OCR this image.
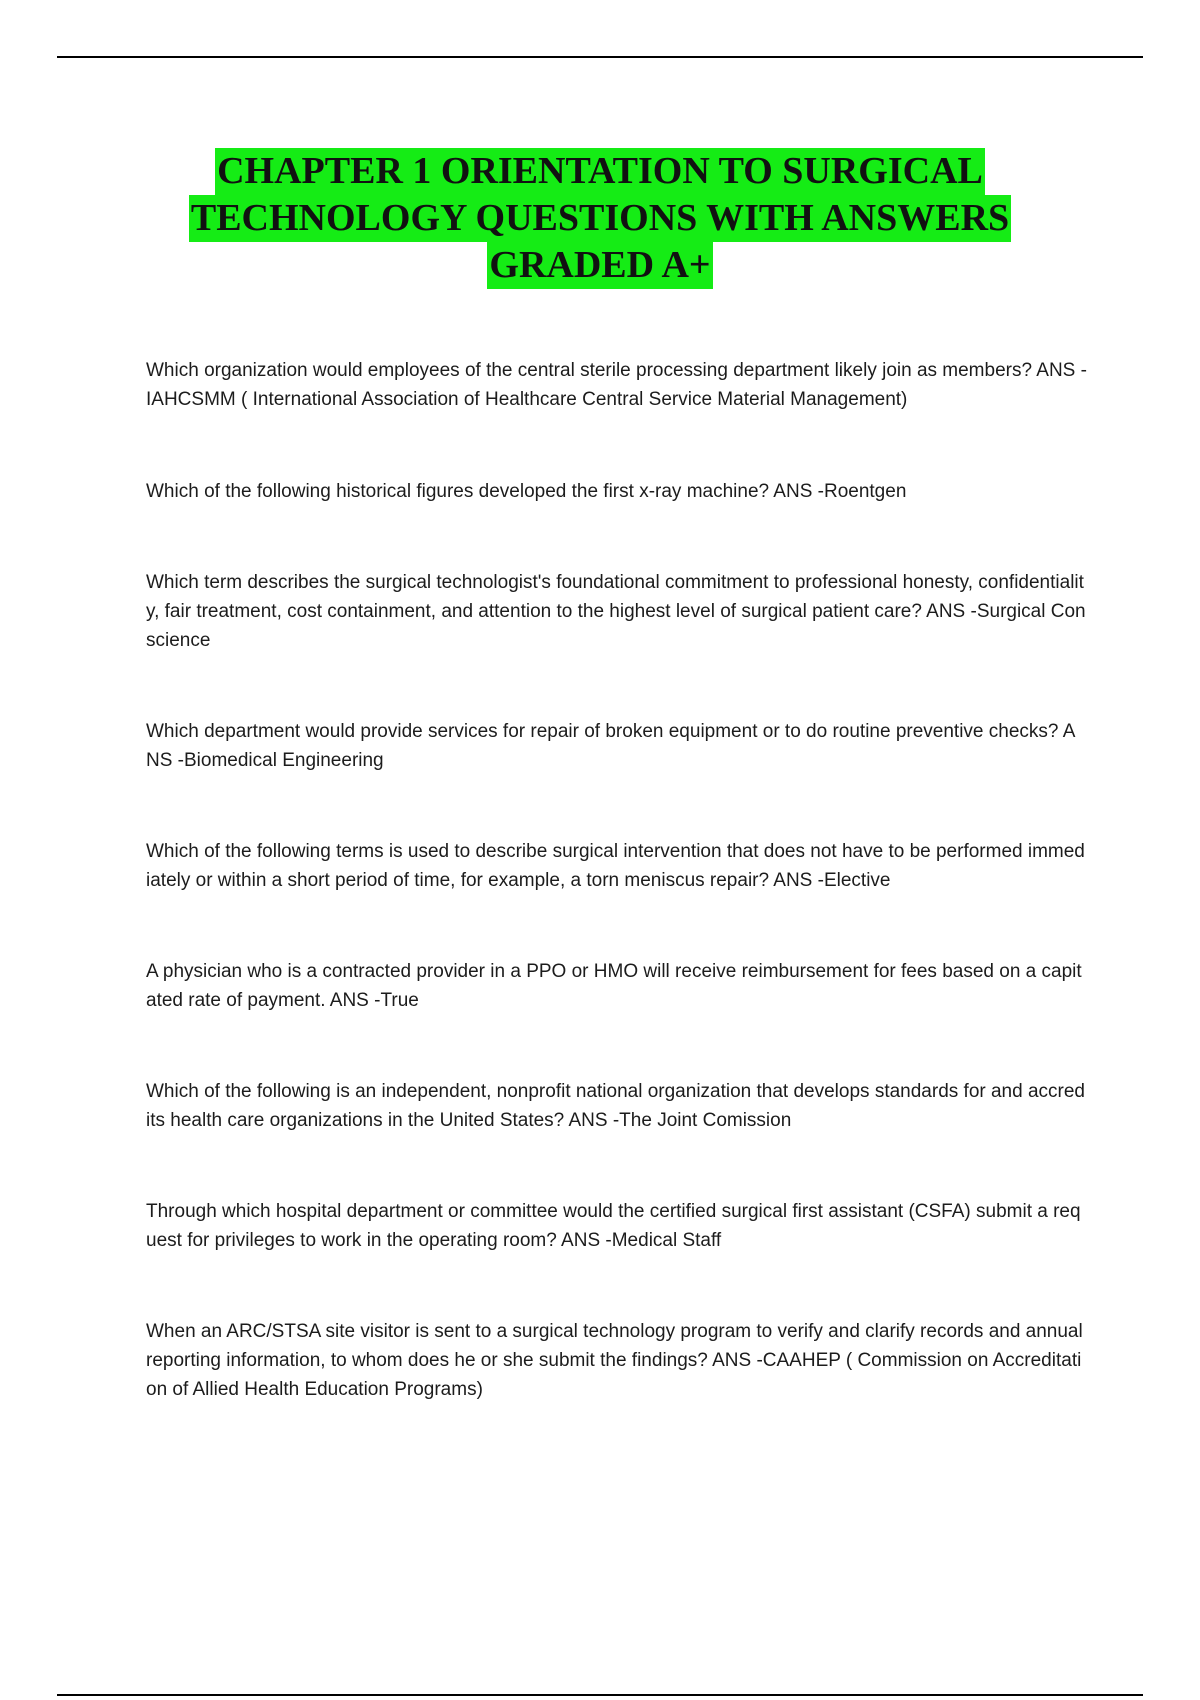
CHAPTER 1 ORIENTATION TO SURGICAL
TECHNOLOGY QUESTIONS WITH ANSWERS
GRADED A+

Which organization would employees of the central sterile processing department likely join as members? ANS -IAHCSMM ( International Association of Healthcare Central Service Material Management)

Which of the following historical figures developed the first x-ray machine? ANS -Roentgen

Which term describes the surgical technologist's foundational commitment to professional honesty, confidentiality, fair treatment, cost containment, and attention to the highest level of surgical patient care? ANS -Surgical Conscience

Which department would provide services for repair of broken equipment or to do routine preventive checks? ANS -Biomedical Engineering

Which of the following terms is used to describe surgical intervention that does not have to be performed immediately or within a short period of time, for example, a torn meniscus repair? ANS -Elective

A physician who is a contracted provider in a PPO or HMO will receive reimbursement for fees based on a capitated rate of payment. ANS -True

Which of the following is an independent, nonprofit national organization that develops standards for and accredits health care organizations in the United States? ANS -The Joint Comission

Through which hospital department or committee would the certified surgical first assistant (CSFA) submit a request for privileges to work in the operating room? ANS -Medical Staff

When an ARC/STSA site visitor is sent to a surgical technology program to verify and clarify records and annual reporting information, to whom does he or she submit the findings? ANS -CAAHEP ( Commission on Accreditation of Allied Health Education Programs)
